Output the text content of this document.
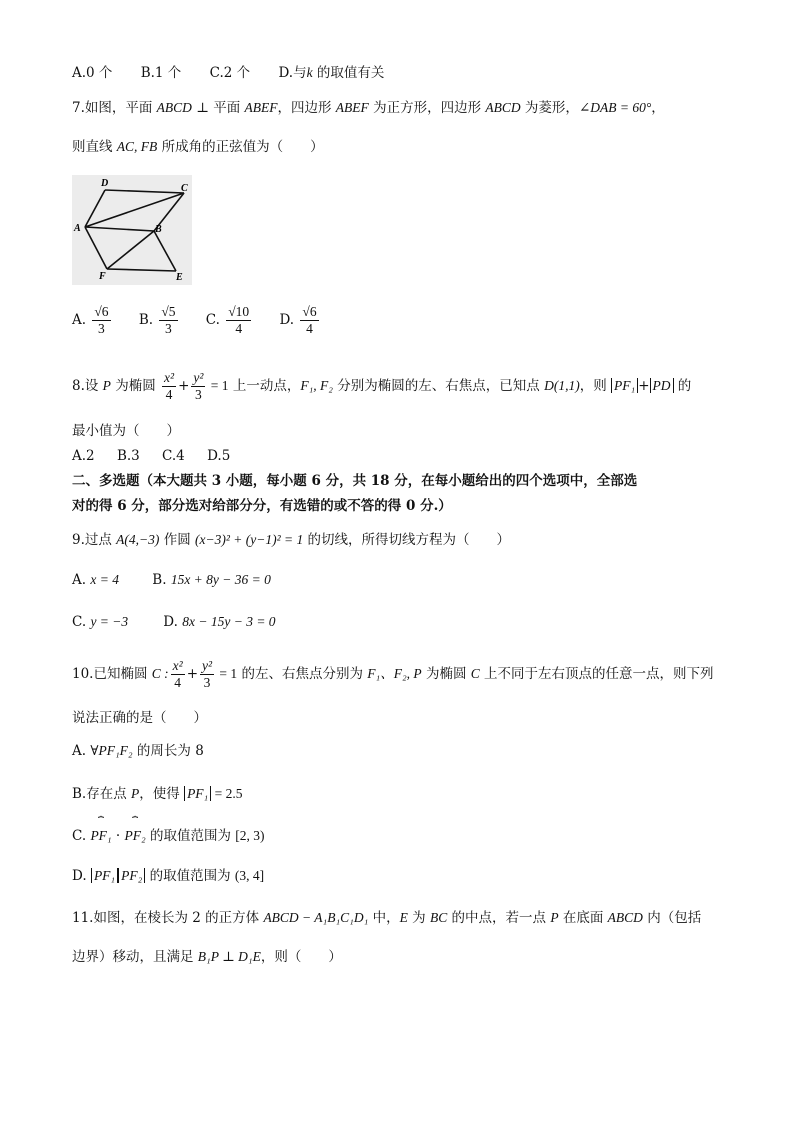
A.0 个 B.1 个 C.2 个 D.与k 的取值有关
7.如图，平面 ABCD ⊥ 平面 ABEF，四边形 ABEF 为正方形，四边形 ABCD 为菱形，∠DAB = 60°，
则直线 AC, FB 所成角的正弦值为（　　）
D	C
A	B
F	E
A. $\frac{√6}{3} B$. $\frac{√5}{3} C$. $\frac{√10}{4} D$. $\frac{√6}{4}$
8.设 P 为椭圆 $\frac{\text{x²}}{4} + \frac{\text{y²}}{3} = 1$ 上一动点，F₁, F₂ 分别为椭圆的左、右焦点，已知点 D(1,1)，则 PF₁ + PD 的
最小值为（　　）
A.2 B.3 C.4 D.5
二、多选题（本大题共 3 小题，每小题 6 分，共 18 分，在每小题给出的四个选项中，全部选
对的得 6 分，部分选对给部分分，有选错的或不答的得 0 分.）
9.过点 A(4,−3) 作圆 (x−3)² + (y−1)² = 1 的切线，所得切线方程为（　　）
A. x = 4 B. 15x + 8y − 36 = 0
C. y = −3	D. 8x − 15y − 3 = 0
10.已知椭圆 C : $\frac{\text{x²}}{4} + \frac{\text{y²}}{3} = 1$ 的左、右焦点分别为 F₁、F₂, P 为椭圆 C 上不同于左右顶点的任意一点，则下列
说法正确的是（　　）
A. ∀PF₁F₂ 的周长为 8
B.存在点 P，使得 PF₁ = 2.5
C. ⏞ PF₁ · ⏞ PF₂ 的取值范围为 [2, 3)
D. PF₁ PF₂ 的取值范围为 (3, 4]
11.如图，在棱长为 2 的正方体 ABCD − A₁B₁C₁D₁ 中，E 为 BC 的中点，若一点 P 在底面 ABCD 内（包括
边界）移动，且满足 B₁P ⊥ D₁E，则（　　）
